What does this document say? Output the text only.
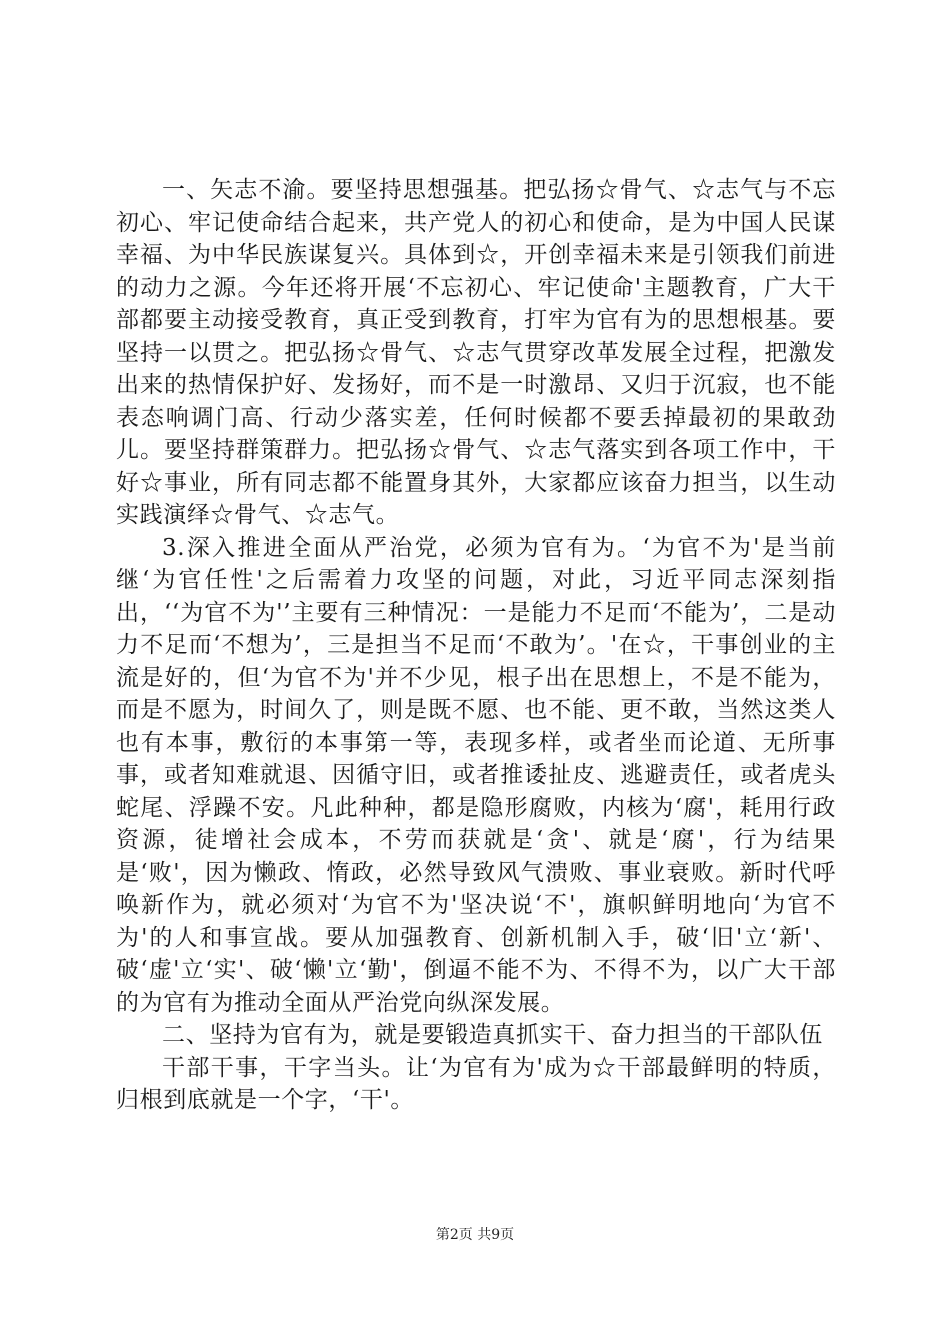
一、矢志不渝。要坚持思想强基。把弘扬☆骨气、☆志气与不忘初心、牢记使命结合起来，共产党人的初心和使命，是为中国人民谋幸福、为中华民族谋复兴。具体到☆，开创幸福未来是引领我们前进的动力之源。今年还将开展‘不忘初心、牢记使命'主题教育，广大干部都要主动接受教育，真正受到教育，打牢为官有为的思想根基。要坚持一以贯之。把弘扬☆骨气、☆志气贯穿改革发展全过程，把激发出来的热情保护好、发扬好，而不是一时激昂、又归于沉寂，也不能表态响调门高、行动少落实差，任何时候都不要丢掉最初的果敢劲儿。要坚持群策群力。把弘扬☆骨气、☆志气落实到各项工作中，干好☆事业，所有同志都不能置身其外，大家都应该奋力担当，以生动实践演绎☆骨气、☆志气。

3.深入推进全面从严治党，必须为官有为。‘为官不为'是当前继‘为官任性'之后需着力攻坚的问题，对此，习近平同志深刻指出，‘‘为官不为'’主要有三种情况：一是能力不足而‘不能为’，二是动力不足而‘不想为’，三是担当不足而‘不敢为’。'在☆，干事创业的主流是好的，但‘为官不为'并不少见，根子出在思想上，不是不能为，而是不愿为，时间久了，则是既不愿、也不能、更不敢，当然这类人也有本事，敷衍的本事第一等，表现多样，或者坐而论道、无所事事，或者知难就退、因循守旧，或者推诿扯皮、逃避责任，或者虎头蛇尾、浮躁不安。凡此种种，都是隐形腐败，内核为‘腐'，耗用行政资源，徒增社会成本，不劳而获就是‘贪'、就是‘腐'，行为结果是‘败'，因为懒政、惰政，必然导致风气溃败、事业衰败。新时代呼唤新作为，就必须对‘为官不为'坚决说‘不'，旗帜鲜明地向‘为官不为'的人和事宣战。要从加强教育、创新机制入手，破‘旧'立‘新'、破‘虚'立‘实'、破‘懒'立‘勤'，倒逼不能不为、不得不为，以广大干部的为官有为推动全面从严治党向纵深发展。

二、坚持为官有为，就是要锻造真抓实干、奋力担当的干部队伍

干部干事，干字当头。让‘为官有为'成为☆干部最鲜明的特质，归根到底就是一个字，‘干'。

第2页 共9页
